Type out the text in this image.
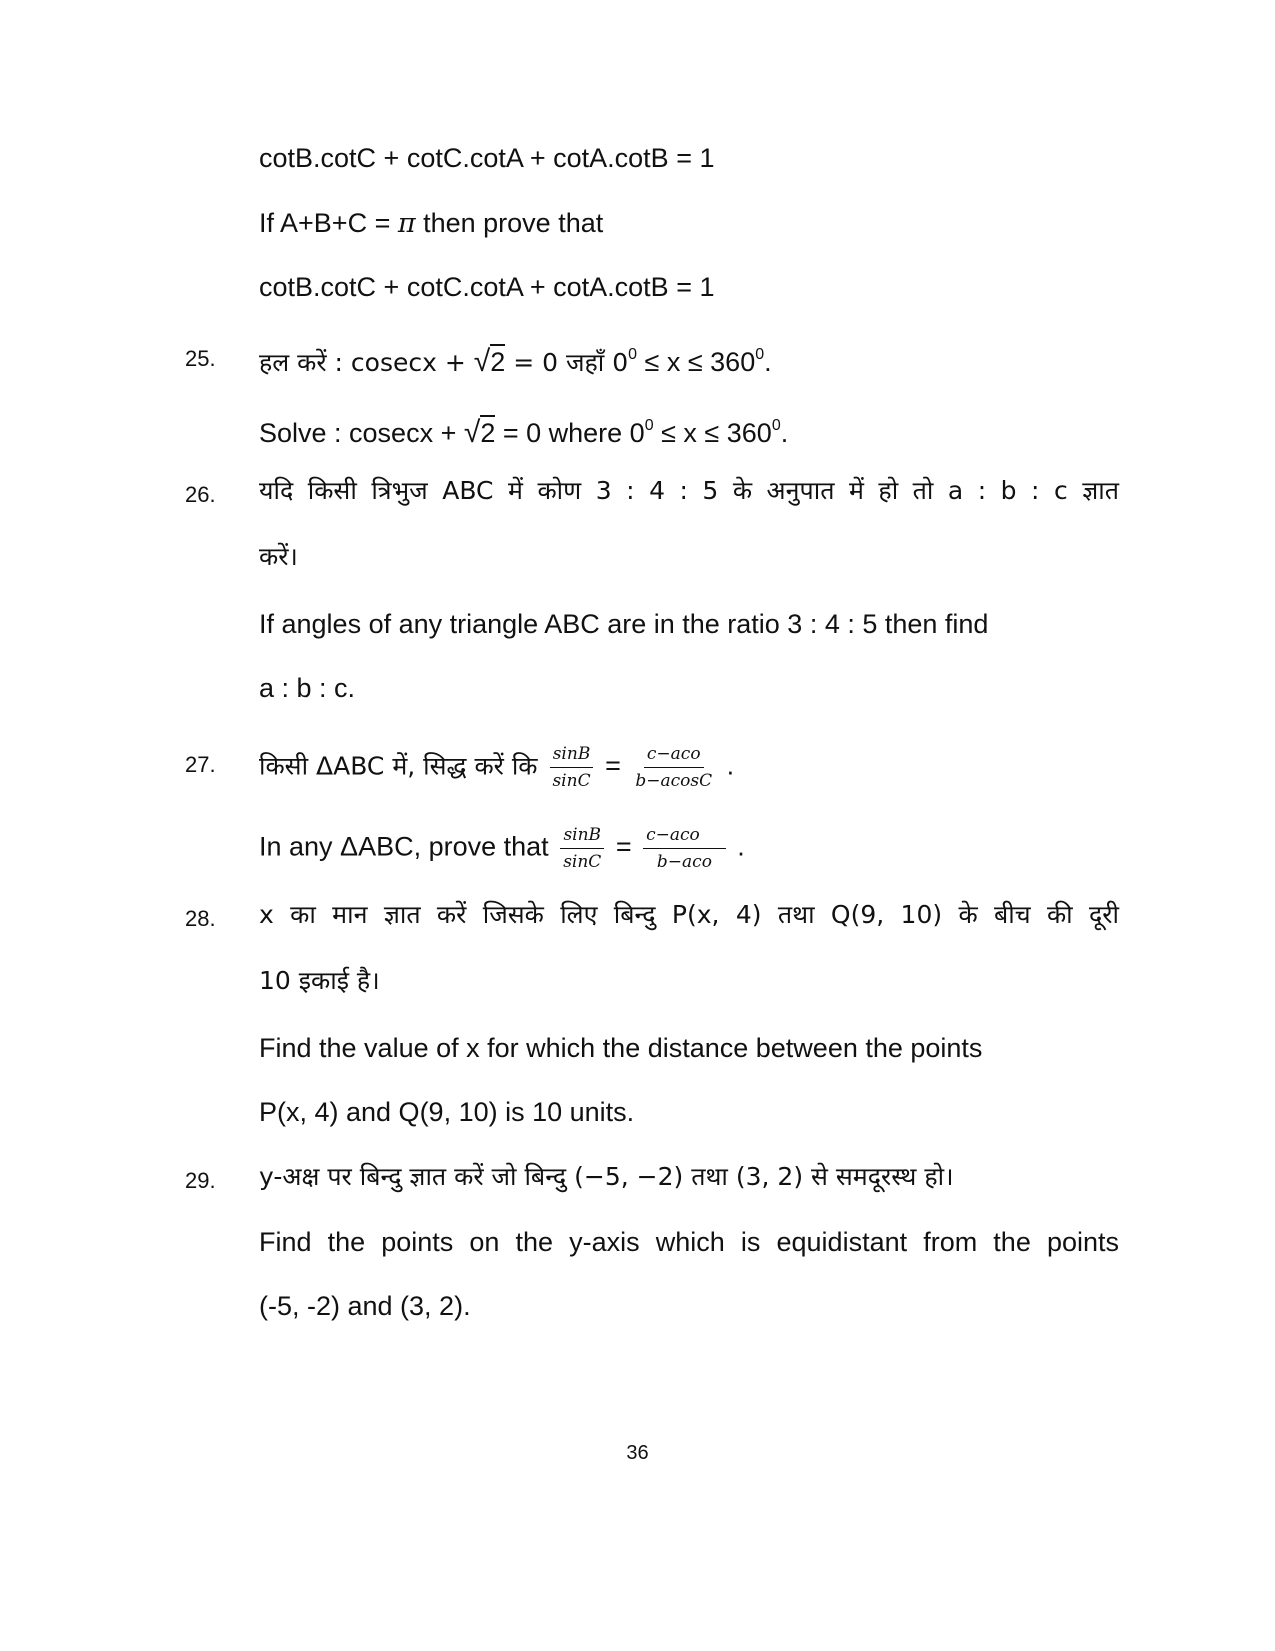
cotB.cotC + cotC.cotA + cotA.cotB = 1
If A+B+C = π then prove that
cotB.cotC + cotC.cotA + cotA.cotB = 1
25. हल करें : cosecx + √2 = 0 जहाँ $0^0 \le x \le 360^0$.
Solve : cosecx + √2 = 0 where $0^0 \le x \le 360^0$.
26. यदि किसी त्रिभुज ABC में कोण 3 : 4 : 5 के अनुपात में हो तो a : b : c ज्ञात
करें।
If angles of any triangle ABC are in the ratio 3 : 4 : 5 then find
a : b : c.
27. किसी ΔABC में, सिद्ध करें कि $\frac{\sin B}{\sin C} = \frac{\text{c−aco}}{b-acosC}$ .
In any ΔABC, prove that $\frac{\sin B}{\sin C} = \frac{\text{c−aco}}{\text{b−aco}}$ .
28. x का मान ज्ञात करें जिसके लिए बिन्दु P(x, 4) तथा Q(9, 10) के बीच की दूरी
10 इकाई है।
Find the value of x for which the distance between the points
P(x, 4) and Q(9, 10) is 10 units.
29. y-अक्ष पर बिन्दु ज्ञात करें जो बिन्दु (−5, −2) तथा (3, 2) से समदूरस्थ हो।
Find the points on the y-axis which is equidistant from the points
(-5, -2) and (3, 2).
36
